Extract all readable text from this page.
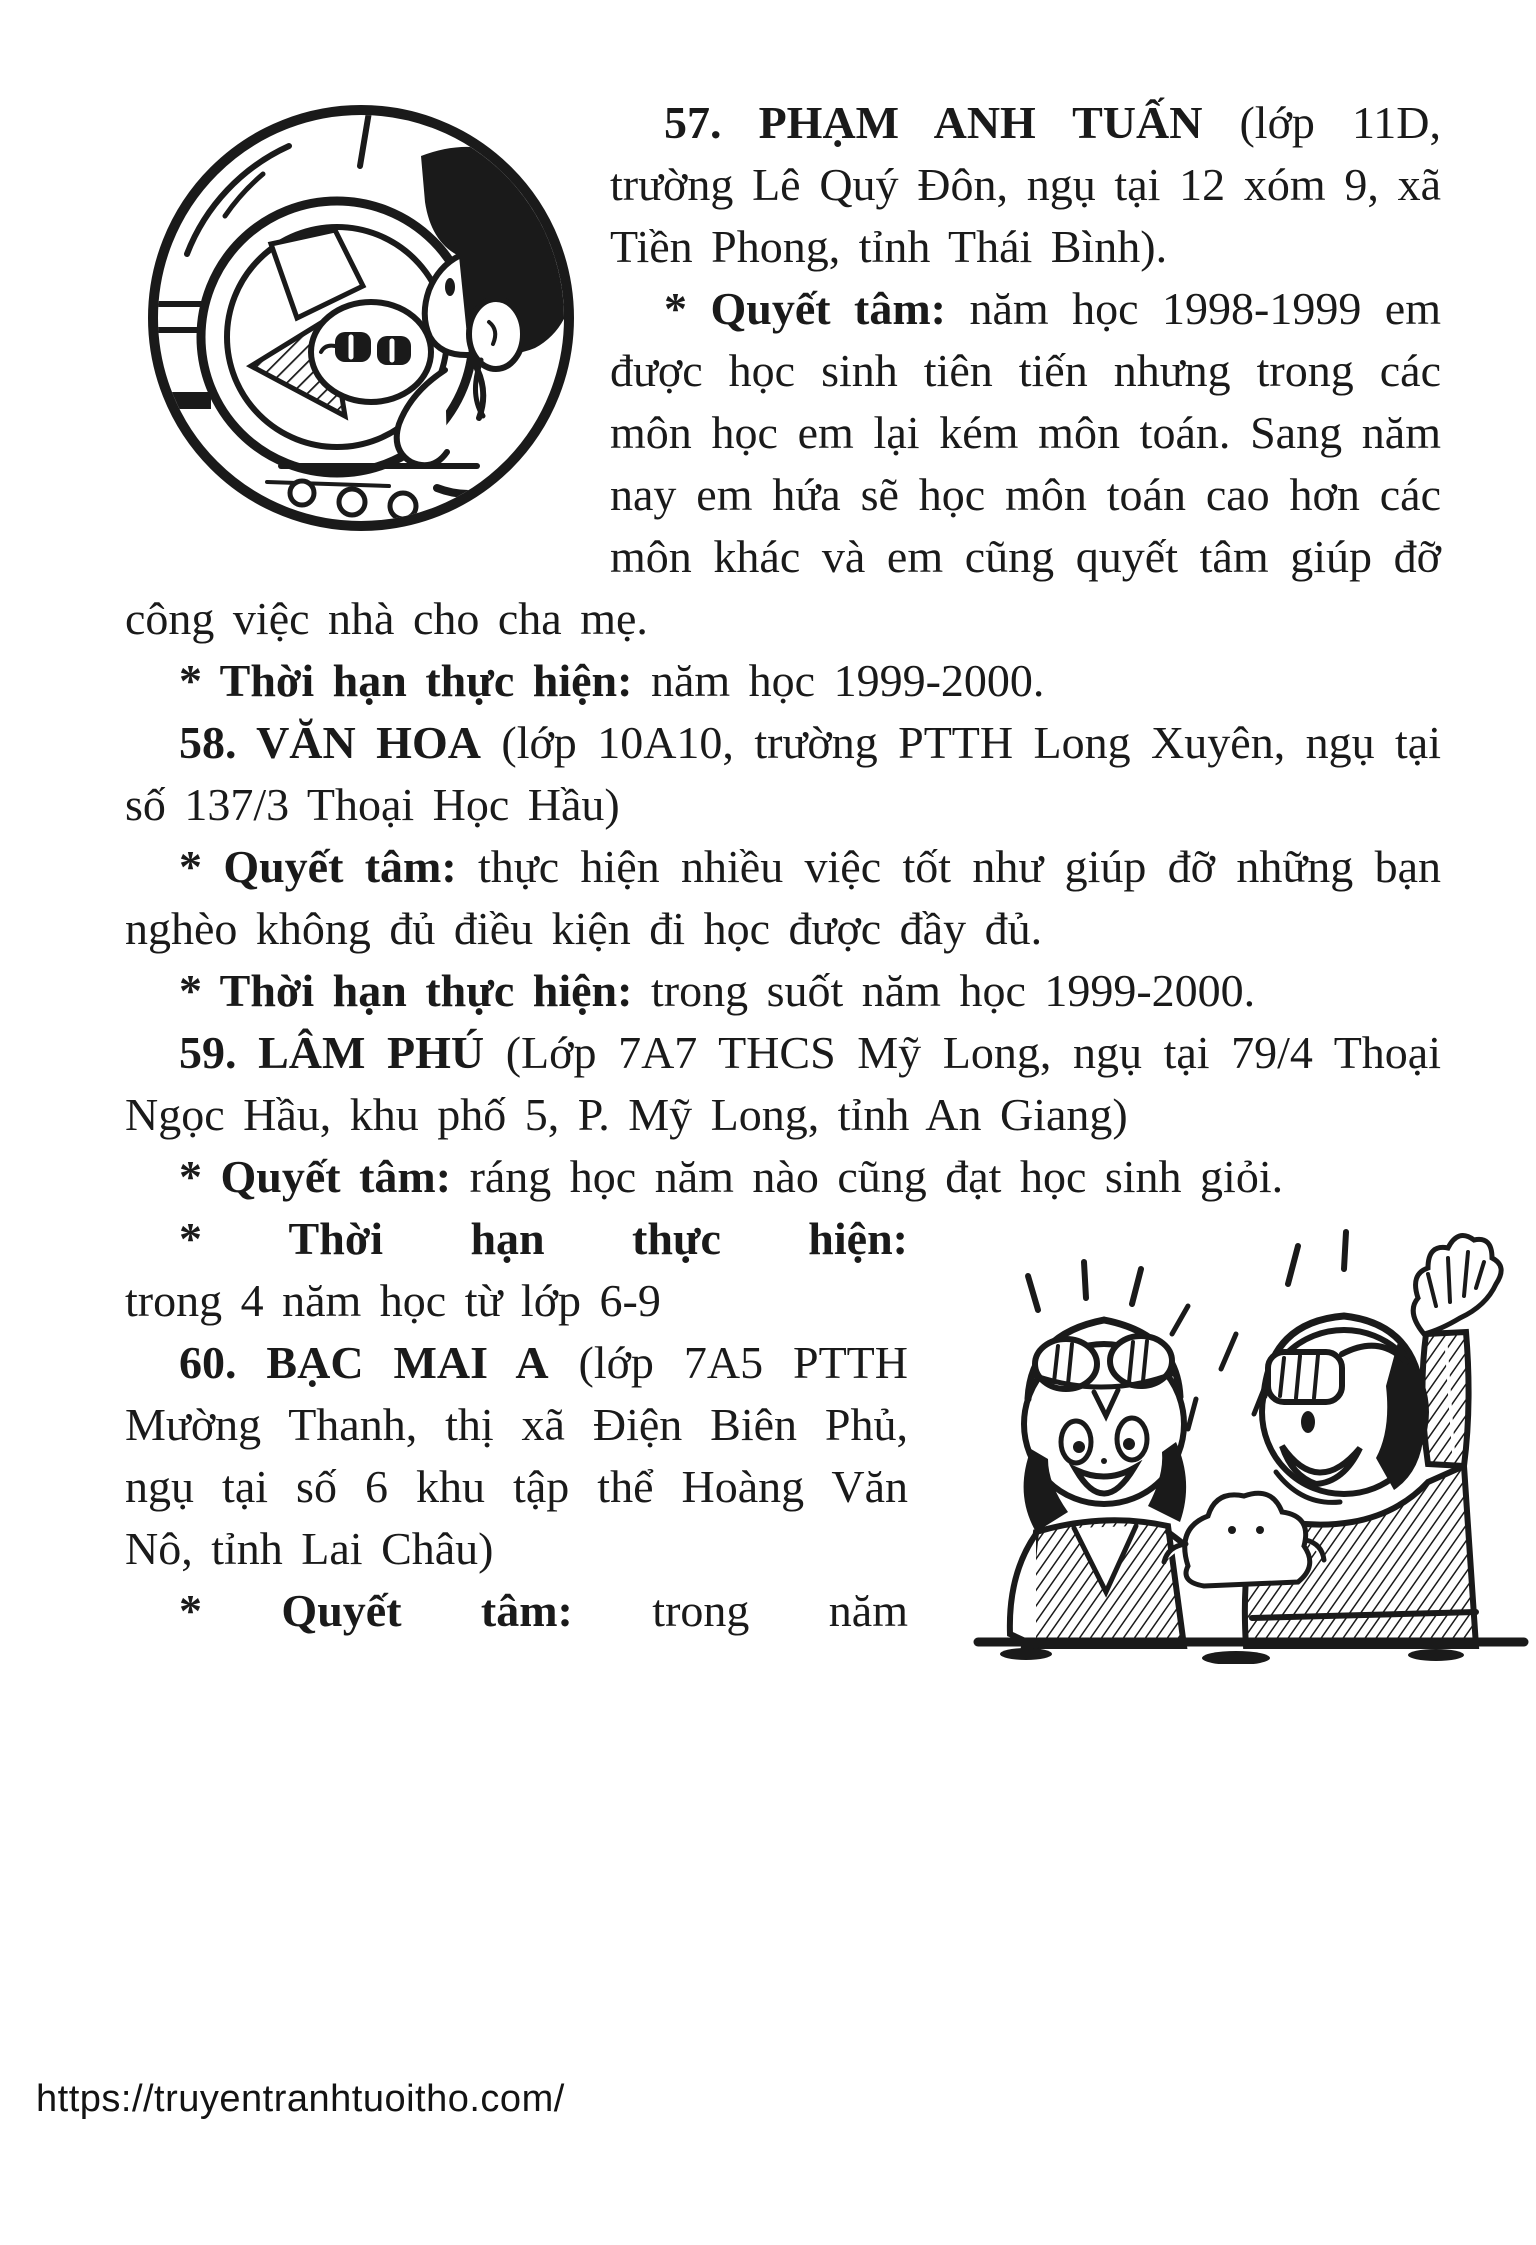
57. PHẠM ANH TUẤN (lớp 11D, trường Lê Quý Đôn, ngụ tại 12 xóm 9, xã Tiền Phong, tỉnh Thái Bình).

* Quyết tâm: năm học 1998-1999 em được học sinh tiên tiến nhưng trong các môn học em lại kém môn toán. Sang năm nay em hứa sẽ học môn toán cao hơn các môn khác và em cũng quyết tâm giúp đỡ công việc nhà cho cha mẹ.

* Thời hạn thực hiện: năm học 1999-2000.

58. VĂN HOA (lớp 10A10, trường PTTH Long Xuyên, ngụ tại số 137/3 Thoại Học Hầu)

* Quyết tâm: thực hiện nhiều việc tốt như giúp đỡ những bạn nghèo không đủ điều kiện đi học được đầy đủ.

* Thời hạn thực hiện: trong suốt năm học 1999-2000.

59. LÂM PHÚ (Lớp 7A7 THCS Mỹ Long, ngụ tại 79/4 Thoại Ngọc Hầu, khu phố 5, P. Mỹ Long, tỉnh An Giang)

* Quyết tâm: ráng học năm nào cũng đạt học sinh giỏi.

* Thời hạn thực hiện:
trong 4 năm học từ lớp 6-9

60. BẠC MAI A (lớp 7A5 PTTH Mường Thanh, thị xã Điện Biên Phủ, ngụ tại số 6 khu tập thể Hoàng Văn Nô, tỉnh Lai Châu)

* Quyết tâm: trong năm

https://truyentranhtuoitho.com/
